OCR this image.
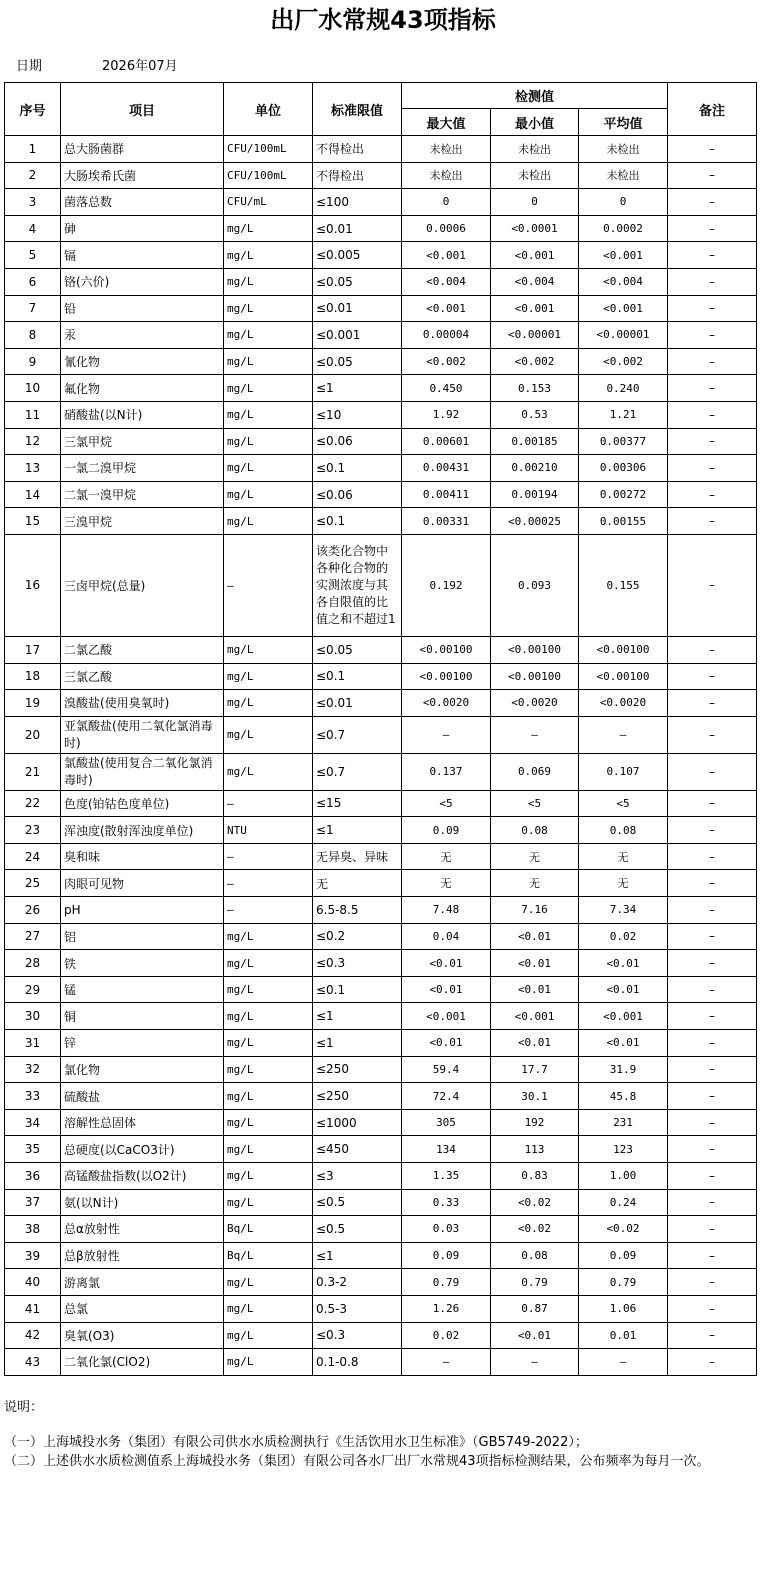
出厂水常规43项指标
日期	2026年07月
序号	项目	单位	标准限值	检测值			备注
				最大值	最小值	平均值	
1	总大肠菌群	CFU/100mL	不得检出	未检出	未检出	未检出	–
2	大肠埃希氏菌	CFU/100mL	不得检出	未检出	未检出	未检出	–
3	菌落总数	CFU/mL	≤100	0	0	0	–
4	砷	mg/L	≤0.01	0.0006	<0.0001	0.0002	–
5	镉	mg/L	≤0.005	<0.001	<0.001	<0.001	–
6	铬(六价)	mg/L	≤0.05	<0.004	<0.004	<0.004	–
7	铅	mg/L	≤0.01	<0.001	<0.001	<0.001	–
8	汞	mg/L	≤0.001	0.00004	<0.00001	<0.00001	–
9	氰化物	mg/L	≤0.05	<0.002	<0.002	<0.002	–
10	氟化物	mg/L	≤1	0.450	0.153	0.240	–
11	硝酸盐(以N计)	mg/L	≤10	1.92	0.53	1.21	–
12	三氯甲烷	mg/L	≤0.06	0.00601	0.00185	0.00377	–
13	一氯二溴甲烷	mg/L	≤0.1	0.00431	0.00210	0.00306	–
14	二氯一溴甲烷	mg/L	≤0.06	0.00411	0.00194	0.00272	–
15	三溴甲烷	mg/L	≤0.1	0.00331	<0.00025	0.00155	–
16	三卤甲烷(总量)	—	该类化合物中各种化合物的实测浓度与其各自限值的比值之和不超过1	0.192	0.093	0.155	–
17	二氯乙酸	mg/L	≤0.05	<0.00100	<0.00100	<0.00100	–
18	三氯乙酸	mg/L	≤0.1	<0.00100	<0.00100	<0.00100	–
19	溴酸盐(使用臭氧时)	mg/L	≤0.01	<0.0020	<0.0020	<0.0020	–
20	亚氯酸盐(使用二氧化氯消毒时)	mg/L	≤0.7	–	–	–	–
21	氯酸盐(使用复合二氧化氯消毒时)	mg/L	≤0.7	0.137	0.069	0.107	–
22	色度(铂钴色度单位)	—	≤15	<5	<5	<5	–
23	浑浊度(散射浑浊度单位)	NTU	≤1	0.09	0.08	0.08	–
24	臭和味	—	无异臭、异味	无	无	无	–
25	肉眼可见物	—	无	无	无	无	–
26	pH	—	6.5-8.5	7.48	7.16	7.34	–
27	铝	mg/L	≤0.2	0.04	<0.01	0.02	–
28	铁	mg/L	≤0.3	<0.01	<0.01	<0.01	–
29	锰	mg/L	≤0.1	<0.01	<0.01	<0.01	–
30	铜	mg/L	≤1	<0.001	<0.001	<0.001	–
31	锌	mg/L	≤1	<0.01	<0.01	<0.01	–
32	氯化物	mg/L	≤250	59.4	17.7	31.9	–
33	硫酸盐	mg/L	≤250	72.4	30.1	45.8	–
34	溶解性总固体	mg/L	≤1000	305	192	231	–
35	总硬度(以CaCO3计)	mg/L	≤450	134	113	123	–
36	高锰酸盐指数(以O2计)	mg/L	≤3	1.35	0.83	1.00	–
37	氨(以N计)	mg/L	≤0.5	0.33	<0.02	0.24	–
38	总α放射性	Bq/L	≤0.5	0.03	<0.02	<0.02	–
39	总β放射性	Bq/L	≤1	0.09	0.08	0.09	–
40	游离氯	mg/L	0.3-2	0.79	0.79	0.79	–
41	总氯	mg/L	0.5-3	1.26	0.87	1.06	–
42	臭氧(O3)	mg/L	≤0.3	0.02	<0.01	0.01	–
43	二氧化氯(ClO2)	mg/L	0.1-0.8	–	–	–	–

说明：

（一）上海城投水务（集团）有限公司供水水质检测执行《生活饮用水卫生标准》（GB5749-2022）；

（二）上述供水水质检测值系上海城投水务（集团）有限公司各水厂出厂水常规43项指标检测结果，公布频率为每月一次。
